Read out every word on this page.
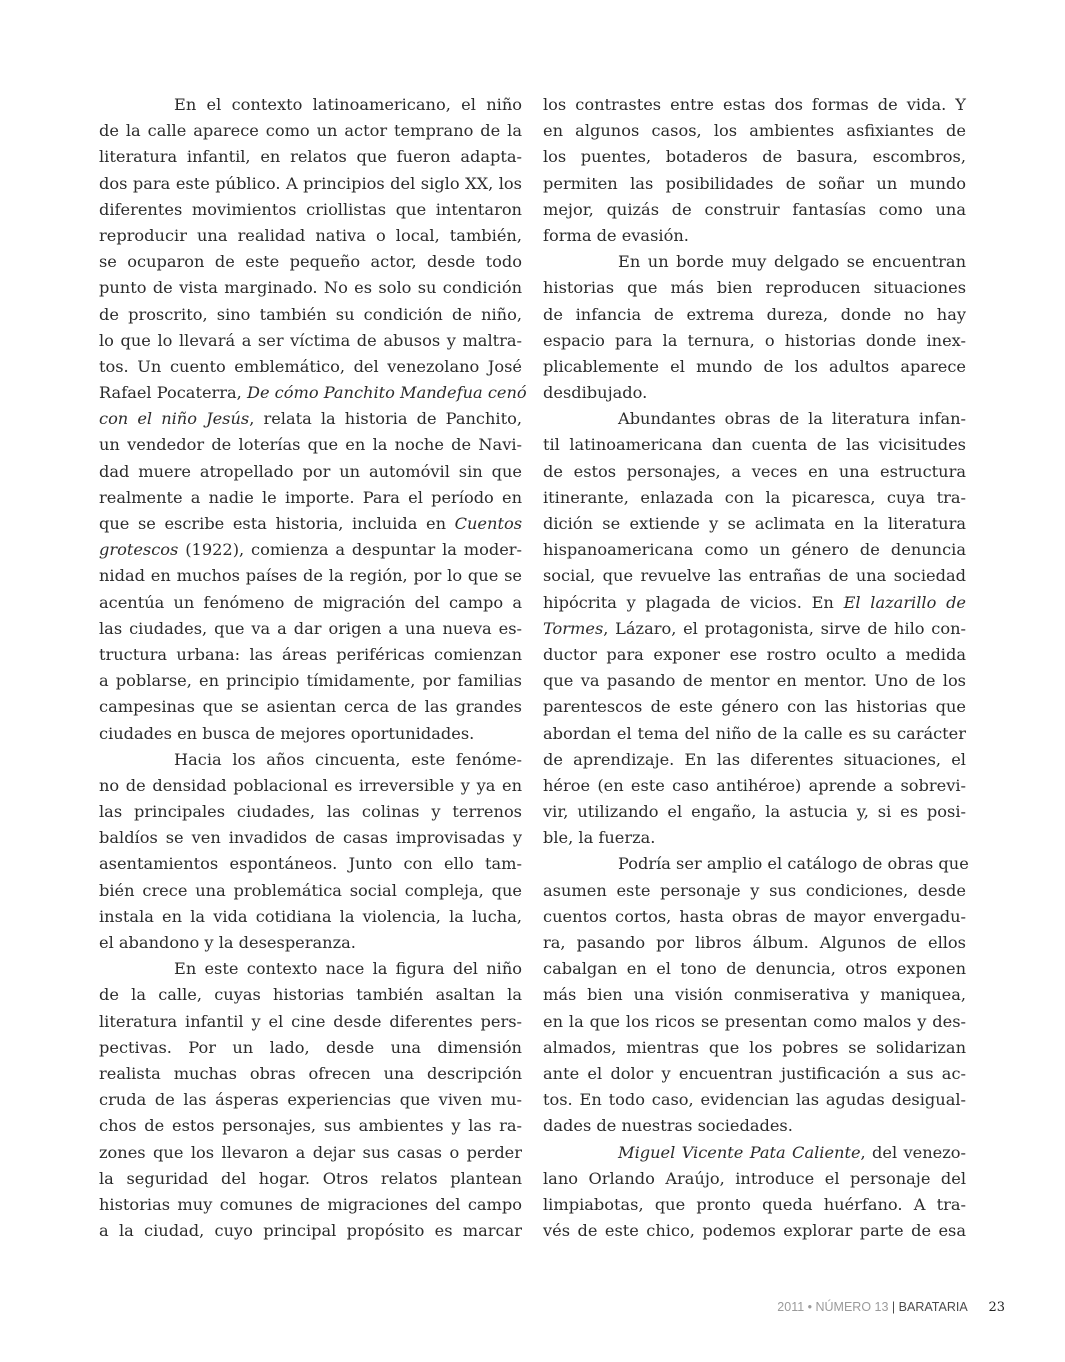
En el contexto latinoamericano, el niño
de la calle aparece como un actor temprano de la
literatura infantil, en relatos que fueron adapta-
dos para este público. A principios del siglo XX, los
diferentes movimientos criollistas que intentaron
reproducir una realidad nativa o local, también,
se ocuparon de este pequeño actor, desde todo
punto de vista marginado. No es solo su condición
de proscrito, sino también su condición de niño,
lo que lo llevará a ser víctima de abusos y maltra-
tos. Un cuento emblemático, del venezolano José
Rafael Pocaterra, De cómo Panchito Mandefua cenó
con el niño Jesús, relata la historia de Panchito,
un vendedor de loterías que en la noche de Navi-
dad muere atropellado por un automóvil sin que
realmente a nadie le importe. Para el período en
que se escribe esta historia, incluida en Cuentos
grotescos (1922), comienza a despuntar la moder-
nidad en muchos países de la región, por lo que se
acentúa un fenómeno de migración del campo a
las ciudades, que va a dar origen a una nueva es-
tructura urbana: las áreas periféricas comienzan
a poblarse, en principio tímidamente, por familias
campesinas que se asientan cerca de las grandes
ciudades en busca de mejores oportunidades.
Hacia los años cincuenta, este fenóme-
no de densidad poblacional es irreversible y ya en
las principales ciudades, las colinas y terrenos
baldíos se ven invadidos de casas improvisadas y
asentamientos espontáneos. Junto con ello tam-
bién crece una problemática social compleja, que
instala en la vida cotidiana la violencia, la lucha,
el abandono y la desesperanza.
En este contexto nace la figura del niño
de la calle, cuyas historias también asaltan la
literatura infantil y el cine desde diferentes pers-
pectivas. Por un lado, desde una dimensión
realista muchas obras ofrecen una descripción
cruda de las ásperas experiencias que viven mu-
chos de estos personajes, sus ambientes y las ra-
zones que los llevaron a dejar sus casas o perder
la seguridad del hogar. Otros relatos plantean
historias muy comunes de migraciones del campo
a la ciudad, cuyo principal propósito es marcar
los contrastes entre estas dos formas de vida. Y
en algunos casos, los ambientes asfixiantes de
los puentes, botaderos de basura, escombros,
permiten las posibilidades de soñar un mundo
mejor, quizás de construir fantasías como una
forma de evasión.
En un borde muy delgado se encuentran
historias que más bien reproducen situaciones
de infancia de extrema dureza, donde no hay
espacio para la ternura, o historias donde inex-
plicablemente el mundo de los adultos aparece
desdibujado.
Abundantes obras de la literatura infan-
til latinoamericana dan cuenta de las vicisitudes
de estos personajes, a veces en una estructura
itinerante, enlazada con la picaresca, cuya tra-
dición se extiende y se aclimata en la literatura
hispanoamericana como un género de denuncia
social, que revuelve las entrañas de una sociedad
hipócrita y plagada de vicios. En El lazarillo de
Tormes, Lázaro, el protagonista, sirve de hilo con-
ductor para exponer ese rostro oculto a medida
que va pasando de mentor en mentor. Uno de los
parentescos de este género con las historias que
abordan el tema del niño de la calle es su carácter
de aprendizaje. En las diferentes situaciones, el
héroe (en este caso antihéroe) aprende a sobrevi-
vir, utilizando el engaño, la astucia y, si es posi-
ble, la fuerza.
Podría ser amplio el catálogo de obras que
asumen este personaje y sus condiciones, desde
cuentos cortos, hasta obras de mayor envergadu-
ra, pasando por libros álbum. Algunos de ellos
cabalgan en el tono de denuncia, otros exponen
más bien una visión conmiserativa y maniquea,
en la que los ricos se presentan como malos y des-
almados, mientras que los pobres se solidarizan
ante el dolor y encuentran justificación a sus ac-
tos. En todo caso, evidencian las agudas desigual-
dades de nuestras sociedades.
Miguel Vicente Pata Caliente, del venezo-
lano Orlando Araújo, introduce el personaje del
limpiabotas, que pronto queda huérfano. A tra-
vés de este chico, podemos explorar parte de esa
2011 • NÚMERO 13 | BARATARIA 23
